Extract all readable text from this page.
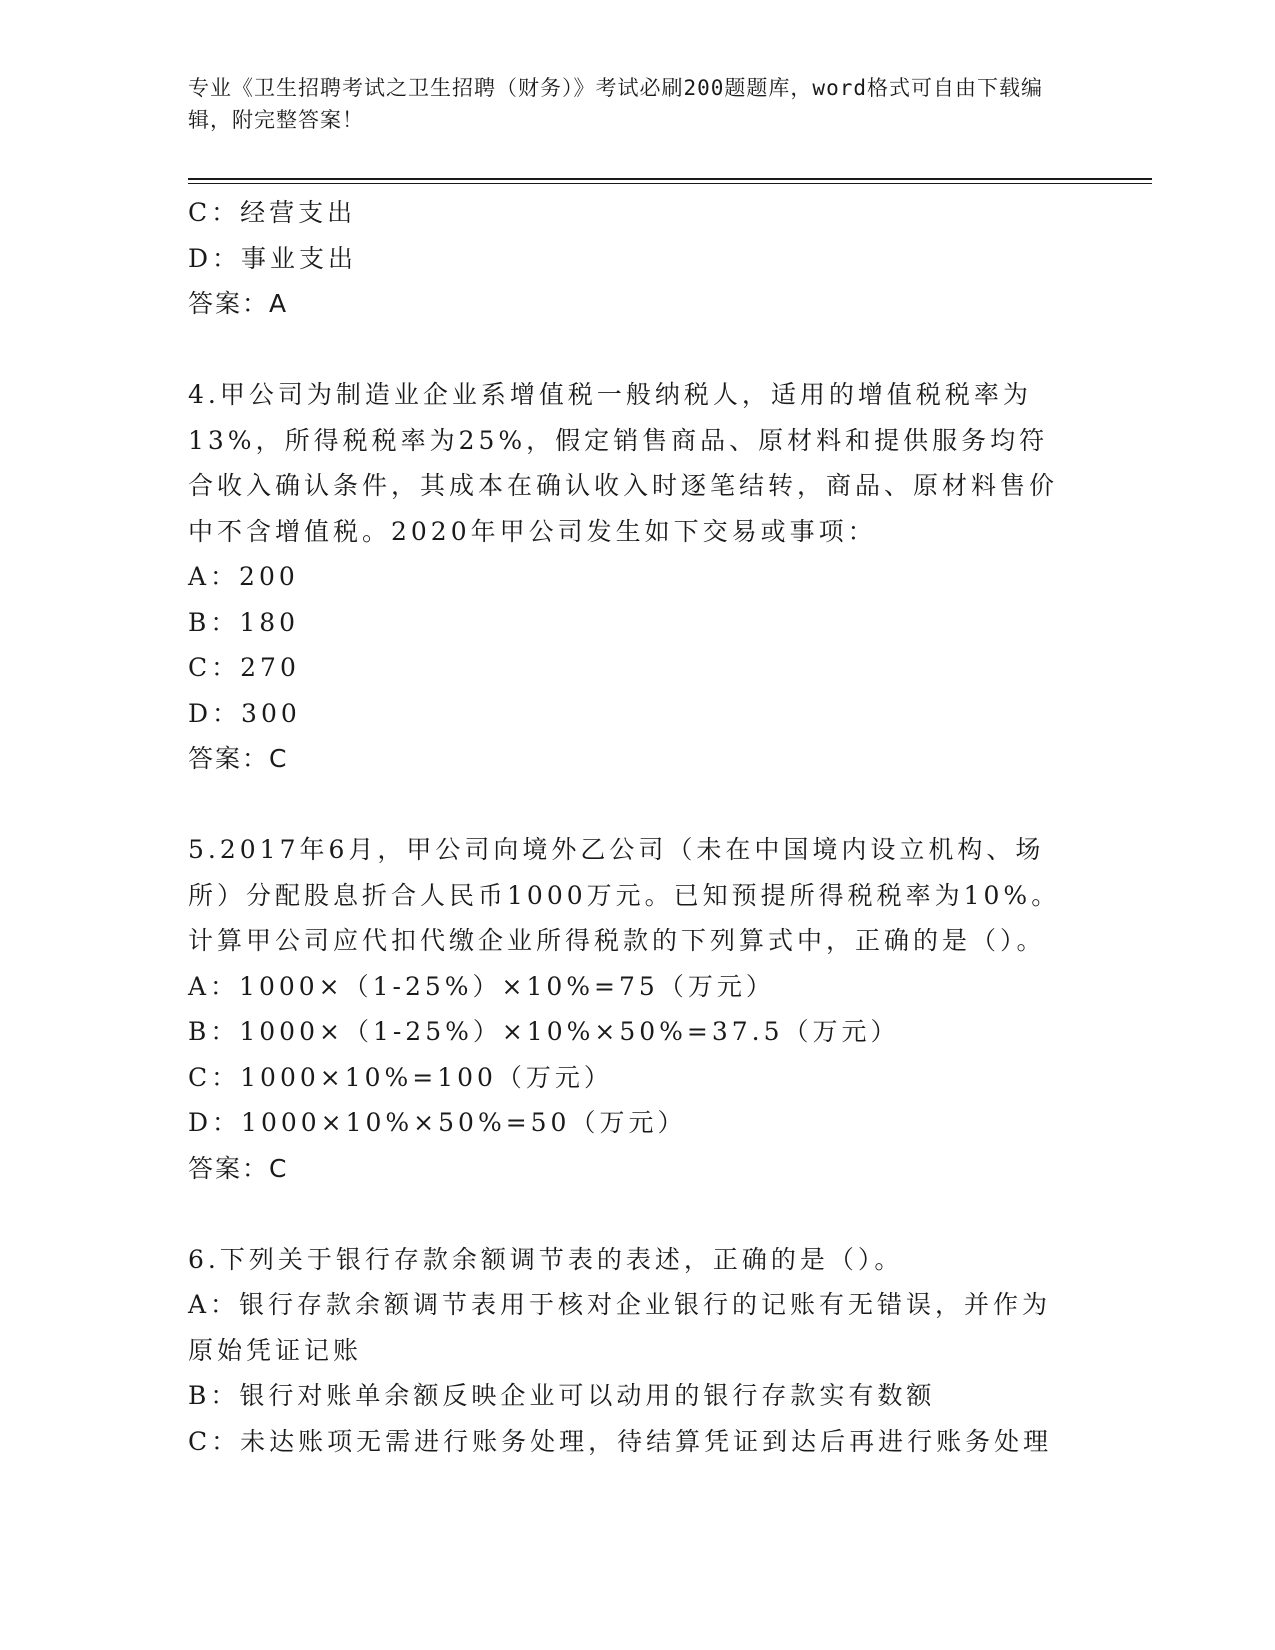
专业《卫生招聘考试之卫生招聘（财务）》考试必刷200题题库，word格式可自由下载编辑，附完整答案！
C：经营支出
D：事业支出
答案：A
4.甲公司为制造业企业系增值税一般纳税人，适用的增值税税率为13%，所得税税率为25%，假定销售商品、原材料和提供服务均符合收入确认条件，其成本在确认收入时逐笔结转，商品、原材料售价中不含增值税。2020年甲公司发生如下交易或事项：
A：200
B：180
C：270
D：300
答案：C
5.2017年6月，甲公司向境外乙公司（未在中国境内设立机构、场所）分配股息折合人民币1000万元。已知预提所得税税率为10%。计算甲公司应代扣代缴企业所得税款的下列算式中，正确的是（）。
A：1000×（1-25%）×10%=75（万元）
B：1000×（1-25%）×10%×50%=37.5（万元）
C：1000×10%=100（万元）
D：1000×10%×50%=50（万元）
答案：C
6.下列关于银行存款余额调节表的表述，正确的是（）。
A：银行存款余额调节表用于核对企业银行的记账有无错误，并作为原始凭证记账
B：银行对账单余额反映企业可以动用的银行存款实有数额
C：未达账项无需进行账务处理，待结算凭证到达后再进行账务处理
